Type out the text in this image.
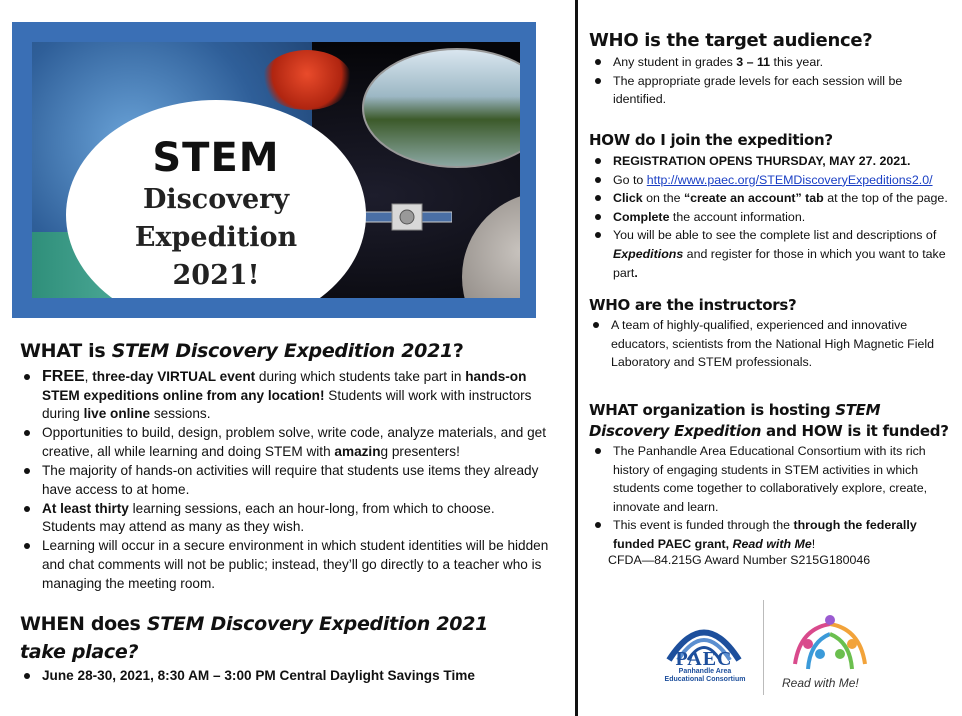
STEM
Discovery
Expedition
2021!
WHAT is STEM Discovery Expedition 2021?
FREE, three-day VIRTUAL event during which students take part in hands-on STEM expeditions online from any location! Students will work with instructors during live online sessions.
Opportunities to build, design, problem solve, write code, analyze materials, and get creative, all while learning and doing STEM with amazing presenters!
The majority of hands-on activities will require that students use items they already have access to at home.
At least thirty learning sessions, each an hour-long, from which to choose. Students may attend as many as they wish.
Learning will occur in a secure environment in which student identities will be hidden and chat comments will not be public; instead, they’ll go directly to a teacher who is managing the meeting room.
WHEN does STEM Discovery Expedition 2021
take place?
June 28-30, 2021, 8:30 AM – 3:00 PM Central Daylight Savings Time
WHO is the target audience?
Any student in grades 3 – 11 this year.
The appropriate grade levels for each session will be identified.
HOW do I join the expedition?
REGISTRATION OPENS THURSDAY, MAY 27. 2021.
Go to http://www.paec.org/STEMDiscoveryExpeditions2.0/
Click on the “create an account” tab at the top of the page.
Complete the account information.
You will be able to see the complete list and descriptions of Expeditions and register for those in which you want to take part.
WHO are the instructors?
A team of highly-qualified, experienced and innovative educators, scientists from the National High Magnetic Field Laboratory and STEM professionals.
WHAT organization is hosting STEM
Discovery Expedition and HOW is it funded?
The Panhandle Area Educational Consortium with its rich history of engaging students in STEM activities in which students come together to collaboratively explore, create, innovate and learn.
This event is funded through the through the federally funded PAEC grant, Read with Me!
CFDA—84.215G Award Number S215G180046
PAEC
Panhandle Area Educational Consortium	Read with Me!
